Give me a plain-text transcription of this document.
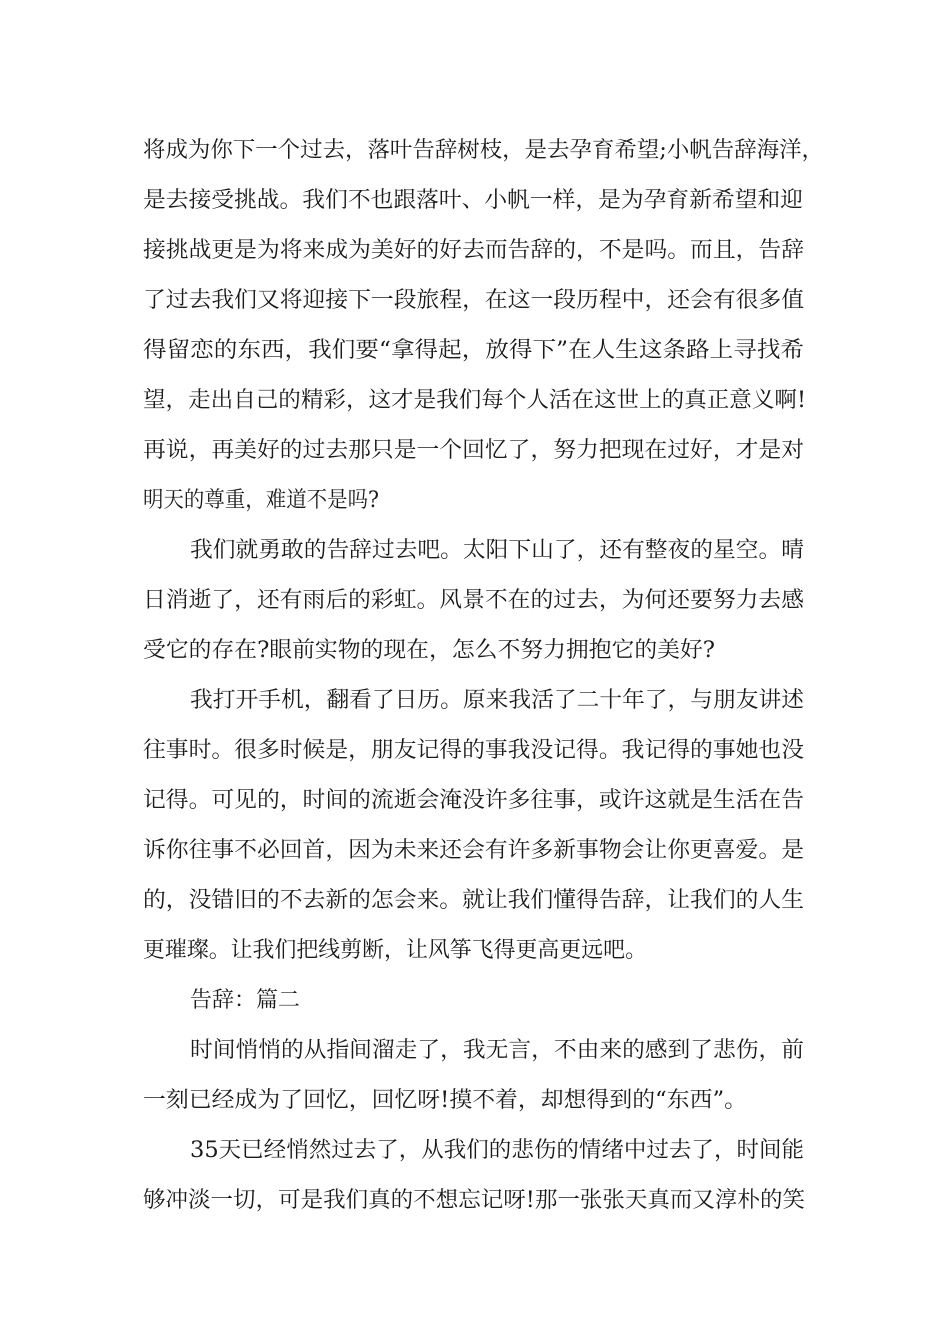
将成为你下一个过去，落叶告辞树枝，是去孕育希望;小帆告辞海洋，
是去接受挑战。我们不也跟落叶、小帆一样，是为孕育新希望和迎
接挑战更是为将来成为美好的好去而告辞的，不是吗。而且，告辞
了过去我们又将迎接下一段旅程，在这一段历程中，还会有很多值
得留恋的东西，我们要“拿得起，放得下”在人生这条路上寻找希
望，走出自己的精彩，这才是我们每个人活在这世上的真正意义啊!
再说，再美好的过去那只是一个回忆了，努力把现在过好，才是对
明天的尊重，难道不是吗?
我们就勇敢的告辞过去吧。太阳下山了，还有整夜的星空。晴
日消逝了，还有雨后的彩虹。风景不在的过去，为何还要努力去感
受它的存在?眼前实物的现在，怎么不努力拥抱它的美好?
我打开手机，翻看了日历。原来我活了二十年了，与朋友讲述
往事时。很多时候是，朋友记得的事我没记得。我记得的事她也没
记得。可见的，时间的流逝会淹没许多往事，或许这就是生活在告
诉你往事不必回首，因为未来还会有许多新事物会让你更喜爱。是
的，没错旧的不去新的怎会来。就让我们懂得告辞，让我们的人生
更璀璨。让我们把线剪断，让风筝飞得更高更远吧。
告辞：篇二
时间悄悄的从指间溜走了，我无言，不由来的感到了悲伤，前
一刻已经成为了回忆，回忆呀!摸不着，却想得到的“东西”。
35天已经悄然过去了，从我们的悲伤的情绪中过去了，时间能
够冲淡一切，可是我们真的不想忘记呀!那一张张天真而又淳朴的笑
